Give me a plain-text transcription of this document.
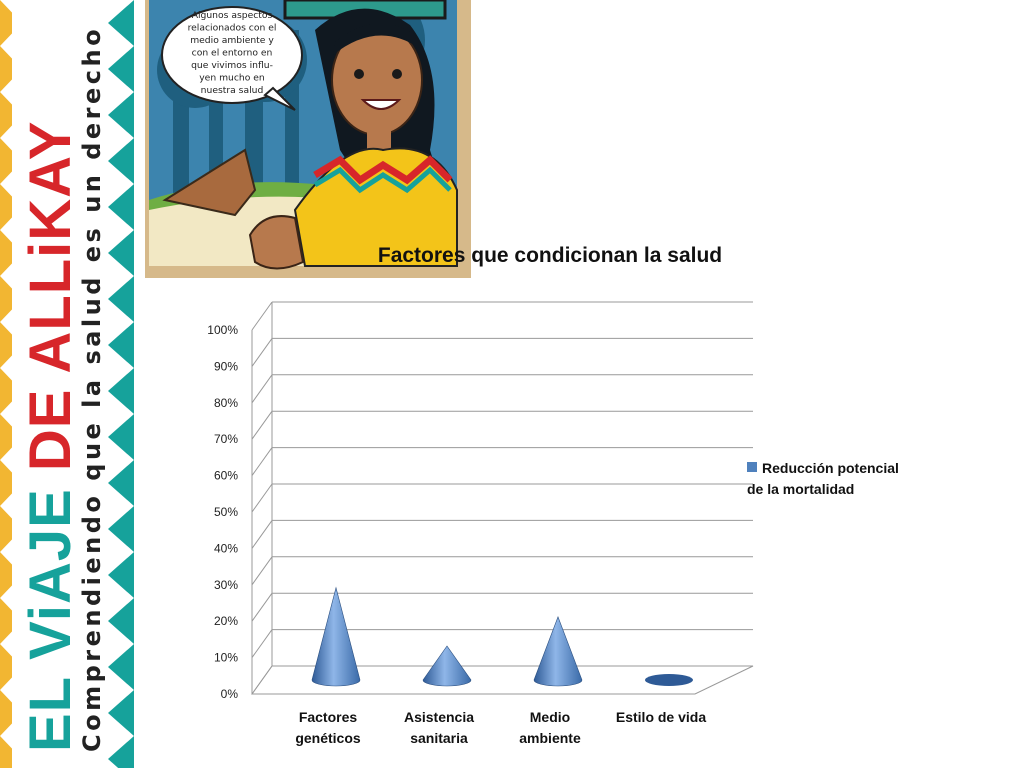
EL ViAJE DE ALLiKAY
Comprendiendo que la salud es un derecho
Algunos aspectos relacionados con el medio ambiente y con el entorno en que vivimos influ-yen mucho en nuestra salud
Factores que condicionan la salud
0%
10%
20%
30%
40%
50%
60%
70%
80%
90%
100%
Factores genéticos
Asistencia sanitaria
Medio ambiente
Estilo de vida
Reducción potencial
de la mortalidad
